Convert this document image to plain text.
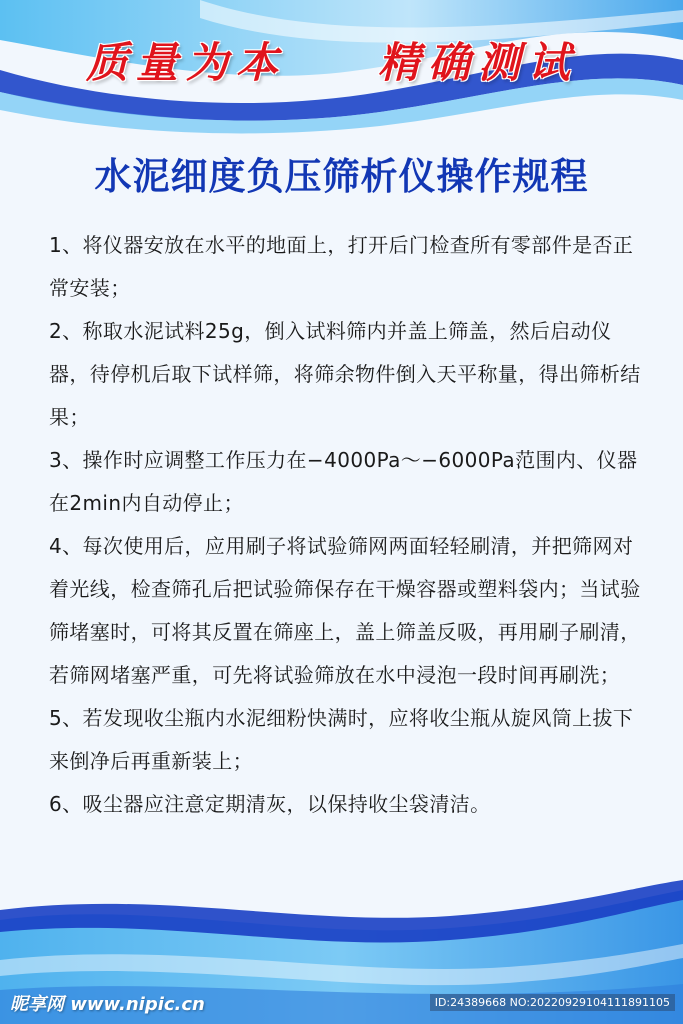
质量为本 精确测试
水泥细度负压筛析仪操作规程

1、将仪器安放在水平的地面上，打开后门检查所有零部件是否正常安装；

2、称取水泥试料25g，倒入试料筛内并盖上筛盖，然后启动仪器，待停机后取下试样筛，将筛余物件倒入天平称量，得出筛析结果；

3、操作时应调整工作压力在−4000Pa～−6000Pa范围内、仪器在2min内自动停止；

4、每次使用后，应用刷子将试验筛网两面轻轻刷清，并把筛网对着光线，检查筛孔后把试验筛保存在干燥容器或塑料袋内；当试验筛堵塞时，可将其反置在筛座上，盖上筛盖反吸，再用刷子刷清，若筛网堵塞严重，可先将试验筛放在水中浸泡一段时间再刷洗；

5、若发现收尘瓶内水泥细粉快满时，应将收尘瓶从旋风筒上拔下来倒净后再重新装上；

6、吸尘器应注意定期清灰，以保持收尘袋清洁。

昵享网 www.nipic.cn	ID:24389668 NO:20220929104111891105
